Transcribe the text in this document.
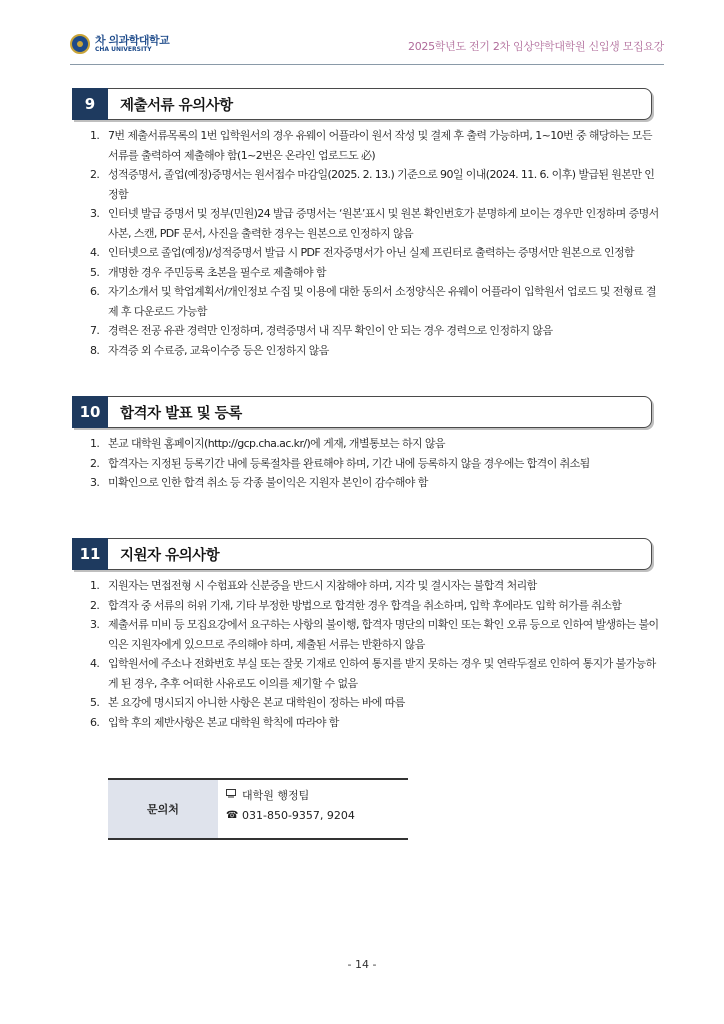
차 의과학대학교
CHA UNIVERSITY	2025학년도 전기 2차 임상약학대학원 신입생 모집요강
9	제출서류 유의사항
1. 7번 제출서류목록의 1번 입학원서의 경우 유웨이 어플라이 원서 작성 및 결제 후 출력 가능하며, 1~10번 중 해당하는 모든 서류를 출력하여 제출해야 함(1~2번은 온라인 업로드도 必)
2. 성적증명서, 졸업(예정)증명서는 원서접수 마감일(2025. 2. 13.) 기준으로 90일 이내(2024. 11. 6. 이후) 발급된 원본만 인정함
3. 인터넷 발급 증명서 및 정부(민원)24 발급 증명서는 ‘원본’표시 및 원본 확인번호가 분명하게 보이는 경우만 인정하며 증명서 사본, 스캔, PDF 문서, 사진을 출력한 경우는 원본으로 인정하지 않음
4. 인터넷으로 졸업(예정)/성적증명서 발급 시 PDF 전자증명서가 아닌 실제 프린터로 출력하는 증명서만 원본으로 인정함
5. 개명한 경우 주민등록 초본을 필수로 제출해야 함
6. 자기소개서 및 학업계획서/개인정보 수집 및 이용에 대한 동의서 소정양식은 유웨이 어플라이 입학원서 업로드 및 전형료 결제 후 다운로드 가능함
7. 경력은 전공 유관 경력만 인정하며, 경력증명서 내 직무 확인이 안 되는 경우 경력으로 인정하지 않음
8. 자격증 외 수료증, 교육이수증 등은 인정하지 않음
10	합격자 발표 및 등록
1. 본교 대학원 홈페이지(http://gcp.cha.ac.kr/)에 게재, 개별통보는 하지 않음
2. 합격자는 지정된 등록기간 내에 등록절차를 완료해야 하며, 기간 내에 등록하지 않을 경우에는 합격이 취소됨
3. 미확인으로 인한 합격 취소 등 각종 불이익은 지원자 본인이 감수해야 함
11	지원자 유의사항
1. 지원자는 면접전형 시 수험표와 신분증을 반드시 지참해야 하며, 지각 및 결시자는 불합격 처리함
2. 합격자 중 서류의 허위 기재, 기타 부정한 방법으로 합격한 경우 합격을 취소하며, 입학 후에라도 입학 허가를 취소함
3. 제출서류 미비 등 모집요강에서 요구하는 사항의 불이행, 합격자 명단의 미확인 또는 확인 오류 등으로 인하여 발생하는 불이익은 지원자에게 있으므로 주의해야 하며, 제출된 서류는 반환하지 않음
4. 입학원서에 주소나 전화번호 부실 또는 잘못 기재로 인하여 통지를 받지 못하는 경우 및 연락두절로 인하여 통지가 불가능하게 된 경우, 추후 어떠한 사유로도 이의를 제기할 수 없음
5. 본 요강에 명시되지 아니한 사항은 본교 대학원이 정하는 바에 따름
6. 입학 후의 제반사항은 본교 대학원 학칙에 따라야 함
문의처
대학원 행정팀
☎ 031-850-9357, 9204
- 14 -
